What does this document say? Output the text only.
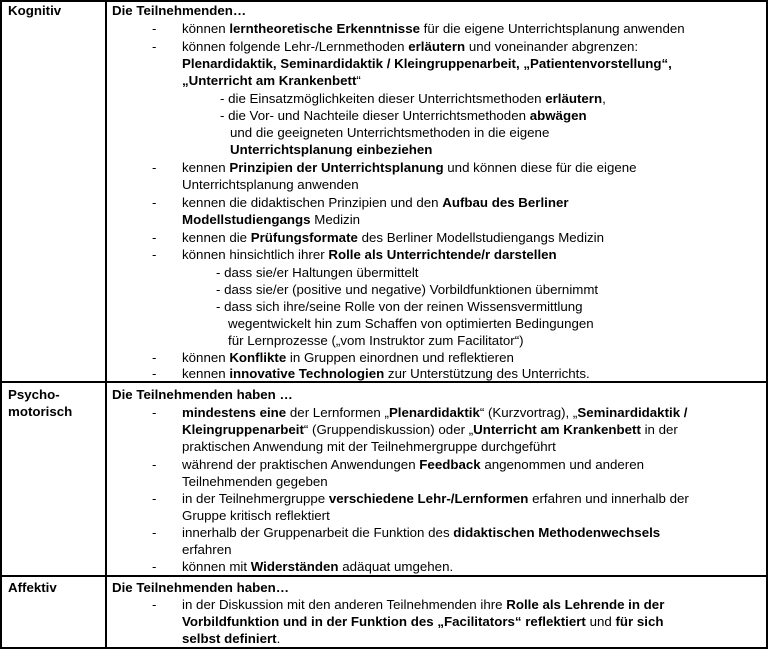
Kognitiv	Die Teilnehmenden…
- können lerntheoretische Erkenntnisse für die eigene Unterrichtsplanung anwenden
- können folgende Lehr-/Lernmethoden erläutern und voneinander abgrenzen:
Plenardidaktik, Seminardidaktik / Kleingruppenarbeit, „Patientenvorstellung“,
„Unterricht am Krankenbett“
- die Einsatzmöglichkeiten dieser Unterrichtsmethoden erläutern,
- die Vor- und Nachteile dieser Unterrichtsmethoden abwägen
und die geeigneten Unterrichtsmethoden in die eigene
Unterrichtsplanung einbeziehen
- kennen Prinzipien der Unterrichtsplanung und können diese für die eigene
Unterrichtsplanung anwenden
- kennen die didaktischen Prinzipien und den Aufbau des Berliner
Modellstudiengangs Medizin
- kennen die Prüfungsformate des Berliner Modellstudiengangs Medizin
- können hinsichtlich ihrer Rolle als Unterrichtende/r darstellen
- dass sie/er Haltungen übermittelt
- dass sie/er (positive und negative) Vorbildfunktionen übernimmt
- dass sich ihre/seine Rolle von der reinen Wissensvermittlung
wegentwickelt hin zum Schaffen von optimierten Bedingungen
für Lernprozesse („vom Instruktor zum Facilitator“)
- können Konflikte in Gruppen einordnen und reflektieren
- kennen innovative Technologien zur Unterstützung des Unterrichts.
Psycho-
motorisch
Die Teilnehmenden haben …
- mindestens eine der Lernformen „Plenardidaktik“ (Kurzvortrag), „Seminardidaktik /
Kleingruppenarbeit“ (Gruppendiskussion) oder „Unterricht am Krankenbett in der
praktischen Anwendung mit der Teilnehmergruppe durchgeführt
- während der praktischen Anwendungen Feedback angenommen und anderen
Teilnehmenden gegeben
- in der Teilnehmergruppe verschiedene Lehr-/Lernformen erfahren und innerhalb der
Gruppe kritisch reflektiert
- innerhalb der Gruppenarbeit die Funktion des didaktischen Methodenwechsels
erfahren
- können mit Widerständen adäquat umgehen.
Affektiv	Die Teilnehmenden haben…
- in der Diskussion mit den anderen Teilnehmenden ihre Rolle als Lehrende in der
Vorbildfunktion und in der Funktion des „Facilitators“ reflektiert und für sich
selbst definiert.
